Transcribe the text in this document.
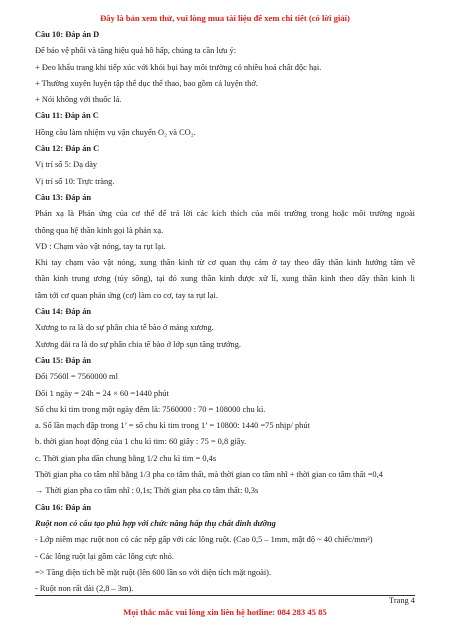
Đây là bản xem thử, vui lòng mua tài liệu để xem chi tiết (có lời giải)
Câu 10: Đáp án D
Để bảo vệ phổi và tăng hiệu quả hô hấp, chúng ta cần lưu ý:
+ Đeo khẩu trang khi tiếp xúc với khói bụi hay môi trường có nhiều hoá chất độc hại.
+ Thường xuyên luyện tập thể dục thể thao, bao gồm cả luyện thở.
+ Nói không với thuốc lá.
Câu 11: Đáp án C
Hồng cầu làm nhiệm vụ vận chuyển O₂ và CO₂.
Câu 12: Đáp án C
Vị trí số 5: Dạ dày
Vị trí số 10: Trực tràng.
Câu 13: Đáp án
Phản xạ là Phản ứng của cơ thể để trả lời các kích thích của môi trường trong hoặc môi trường ngoài
thông qua hệ thần kinh gọi là phản xạ.
VD : Chạm vào vật nóng, tay ta rụt lại.
Khi tay chạm vào vật nóng, xung thần kinh từ cơ quan thụ cảm ở tay theo dây thần kinh hướng tâm về
thần kinh trung ương (tủy sống), tại đó xung thần kinh được xử lí, xung thần kinh theo dây thần kinh li
tâm tới cơ quan phản ứng (cơ) làm co cơ, tay ta rụt lại.
Câu 14: Đáp án
Xương to ra là do sự phân chia tế bào ở màng xương.
Xương dài ra là do sự phân chia tế bào ở lớp sụn tăng trưởng.
Câu 15: Đáp án
Đổi 7560l = 7560000 ml
Đổi 1 ngày = 24h = 24 × 60 =1440 phút
Số chu kì tim trong một ngày đêm là: 7560000 : 70 = 108000 chu kì.
a. Số lần mạch đập trong 1’ = số chu kì tim trong 1’ = 10800: 1440 =75 nhịp/ phút
b. thời gian hoạt động của 1 chu kì tim: 60 giây : 75 = 0,8 giây.
c. Thời gian pha dãn chung bằng 1/2 chu kì tim = 0,4s
Thời gian pha co tâm nhĩ bằng 1/3 pha co tâm thất, mà thời gian co tâm nhĩ + thời gian co tâm thất =0,4
→ Thời gian pha co tâm nhĩ : 0,1s; Thời gian pha co tâm thất: 0,3s
Câu 16: Đáp án
Ruột non có cấu tạo phù hợp với chức năng hấp thụ chất dinh dưỡng
- Lớp niêm mạc ruột non có các nếp gấp với các lông ruột. (Cao 0,5 – 1mm, mật độ ~ 40 chiếc/mm²)
- Các lông ruột lại gồm các lông cực nhỏ.
=> Tăng diện tích bề mặt ruột (lên 600 lần so với diện tích mặt ngoài).
- Ruột non rất dài (2,8 – 3m).
Trang 4
Mọi thắc mắc vui lòng xin liên hệ hotline: 084 283 45 85
